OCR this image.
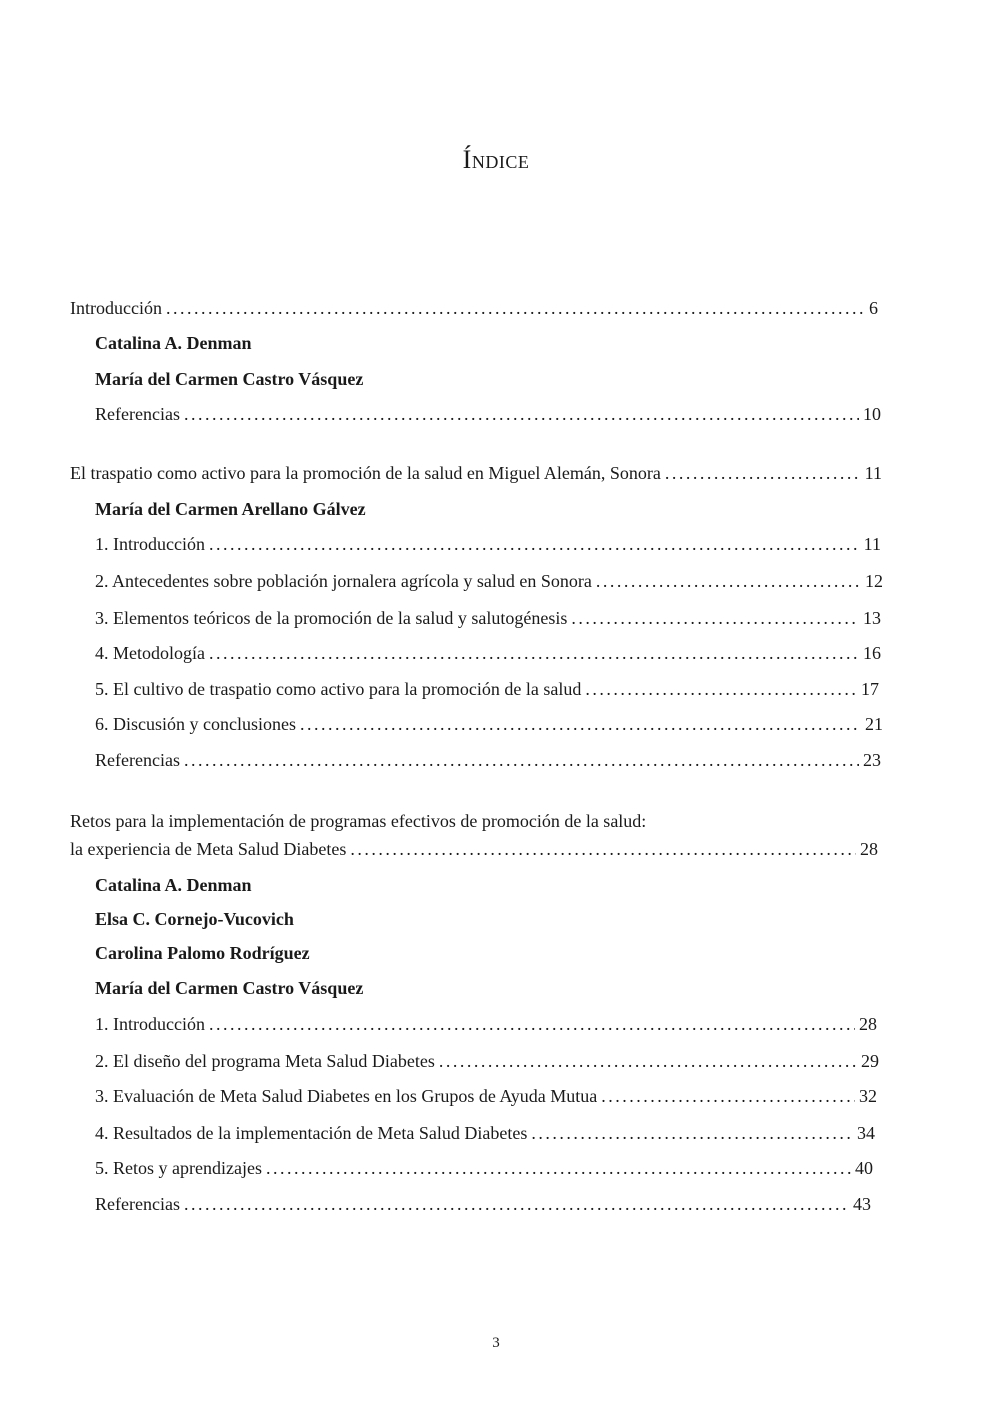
Índice
Introducción . . .	6
Catalina A. Denman
María del Carmen Castro Vásquez
Referencias . . .	10
El traspatio como activo para la promoción de la salud en Miguel Alemán, Sonora . . .	11
María del Carmen Arellano Gálvez
1. Introducción . . .	11
2. Antecedentes sobre población jornalera agrícola y salud en Sonora . . .	12
3. Elementos teóricos de la promoción de la salud y salutogénesis . . .	13
4. Metodología . . .	16
5. El cultivo de traspatio como activo para la promoción de la salud . . .	17
6. Discusión y conclusiones . . .	21
Referencias . . .	23
Retos para la implementación de programas efectivos de promoción de la salud:
la experiencia de Meta Salud Diabetes . . .	28
Catalina A. Denman
Elsa C. Cornejo-Vucovich
Carolina Palomo Rodríguez
María del Carmen Castro Vásquez
1. Introducción . . .	28
2. El diseño del programa Meta Salud Diabetes . . .	29
3. Evaluación de Meta Salud Diabetes en los Grupos de Ayuda Mutua . . .	32
4. Resultados de la implementación de Meta Salud Diabetes . . .	34
5. Retos y aprendizajes . . .	40
Referencias . . .	43
3
